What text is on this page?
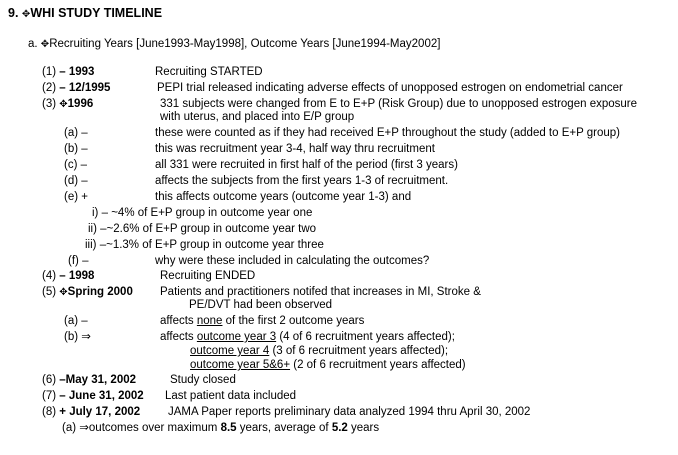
9. ✥WHI STUDY TIMELINE
a. ✥Recruiting Years [June1993-May1998], Outcome Years [June1994-May2002]
(1) – 1993	Recruiting STARTED
(2) – 12/1995	PEPI trial released indicating adverse effects of unopposed estrogen on endometrial cancer
(3) ✥1996	331 subjects were changed from E to E+P (Risk Group) due to unopposed estrogen exposure
with uterus, and placed into E/P group
(a) –	these were counted as if they had received E+P throughout the study (added to E+P group)
(b) –	this was recruitment year 3-4, half way thru recruitment
(c) –	all 331 were recruited in first half of the period (first 3 years)
(d) –	affects the subjects from the first years 1-3 of recruitment.
(e) +	this affects outcome years (outcome year 1-3) and
i) – ~4% of E+P group in outcome year one
ii) –~2.6% of E+P group in outcome year two
iii) –~1.3% of E+P group in outcome year three
(f) –	why were these included in calculating the outcomes?
(4) – 1998	Recruiting ENDED
(5) ✥Spring 2000 Patients and practitioners notifed that increases in MI, Stroke &
PE/DVT had been observed
(a) –	affects none of the first 2 outcome years
(b) ⇒	affects outcome year 3 (4 of 6 recruitment years affected);
outcome year 4 (3 of 6 recruitment years affected);
outcome year 5&6+ (2 of 6 recruitment years affected)
(6) –May 31, 2002	Study closed
(7) – June 31, 2002 Last patient data included
(8) + July 17, 2002 JAMA Paper reports preliminary data analyzed 1994 thru April 30, 2002
(a) ⇒outcomes over maximum 8.5 years, average of 5.2 years
